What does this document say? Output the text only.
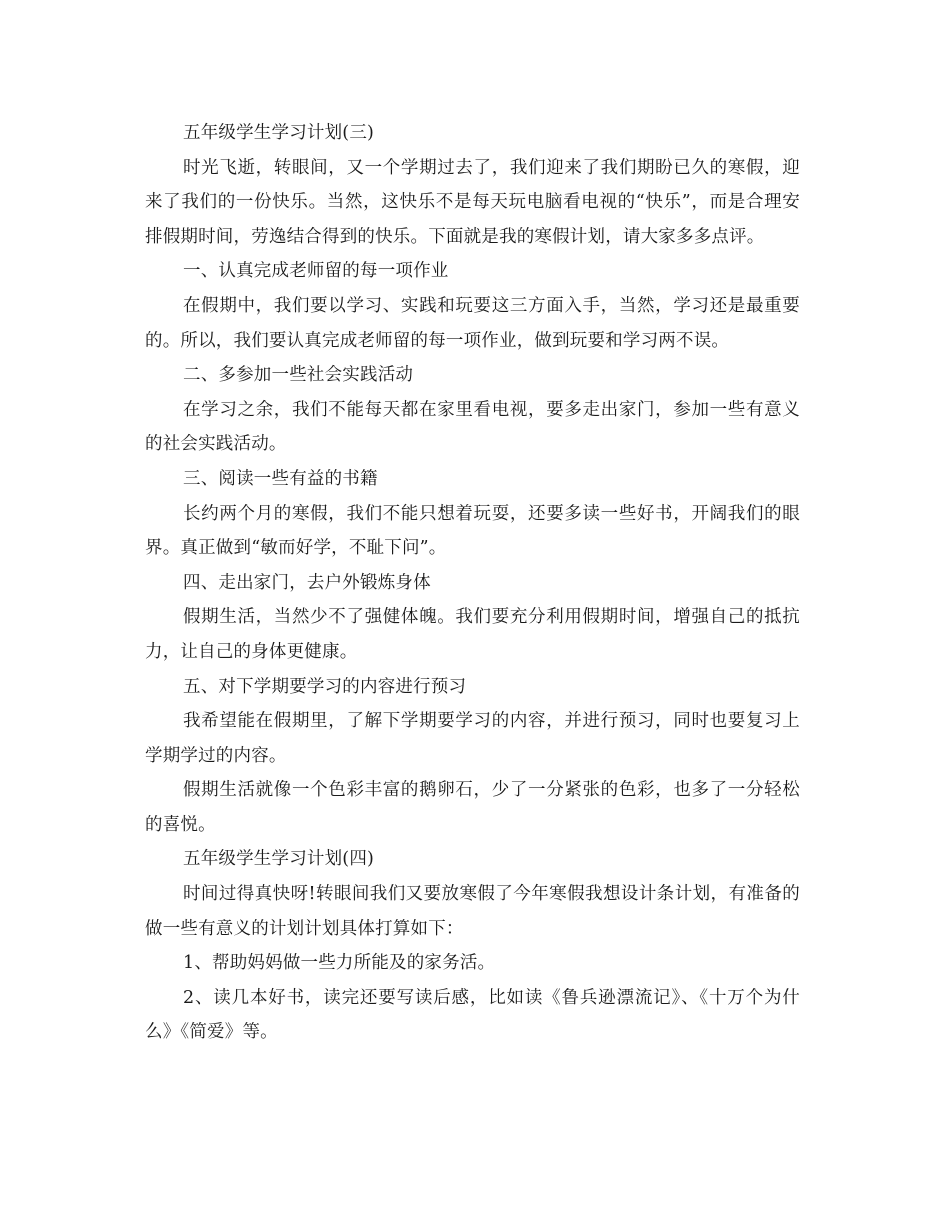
五年级学生学习计划(三)

时光飞逝，转眼间，又一个学期过去了，我们迎来了我们期盼已久的寒假，迎来了我们的一份快乐。当然，这快乐不是每天玩电脑看电视的“快乐”，而是合理安排假期时间，劳逸结合得到的快乐。下面就是我的寒假计划，请大家多多点评。

一、认真完成老师留的每一项作业

在假期中，我们要以学习、实践和玩要这三方面入手，当然，学习还是最重要的。所以，我们要认真完成老师留的每一项作业，做到玩要和学习两不误。

二、多参加一些社会实践活动

在学习之余，我们不能每天都在家里看电视，要多走出家门，参加一些有意义的社会实践活动。

三、阅读一些有益的书籍

长约两个月的寒假，我们不能只想着玩耍，还要多读一些好书，开阔我们的眼界。真正做到“敏而好学，不耻下问”。

四、走出家门，去户外锻炼身体

假期生活，当然少不了强健体魄。我们要充分利用假期时间，增强自己的抵抗力，让自己的身体更健康。

五、对下学期要学习的内容进行预习

我希望能在假期里，了解下学期要学习的内容，并进行预习，同时也要复习上学期学过的内容。

假期生活就像一个色彩丰富的鹅卵石，少了一分紧张的色彩，也多了一分轻松的喜悦。

五年级学生学习计划(四)

时间过得真快呀!转眼间我们又要放寒假了今年寒假我想设计条计划，有准备的做一些有意义的计划计划具体打算如下：

1、帮助妈妈做一些力所能及的家务活。

2、读几本好书，读完还要写读后感，比如读《鲁兵逊漂流记》、《十万个为什么》《简爱》等。
